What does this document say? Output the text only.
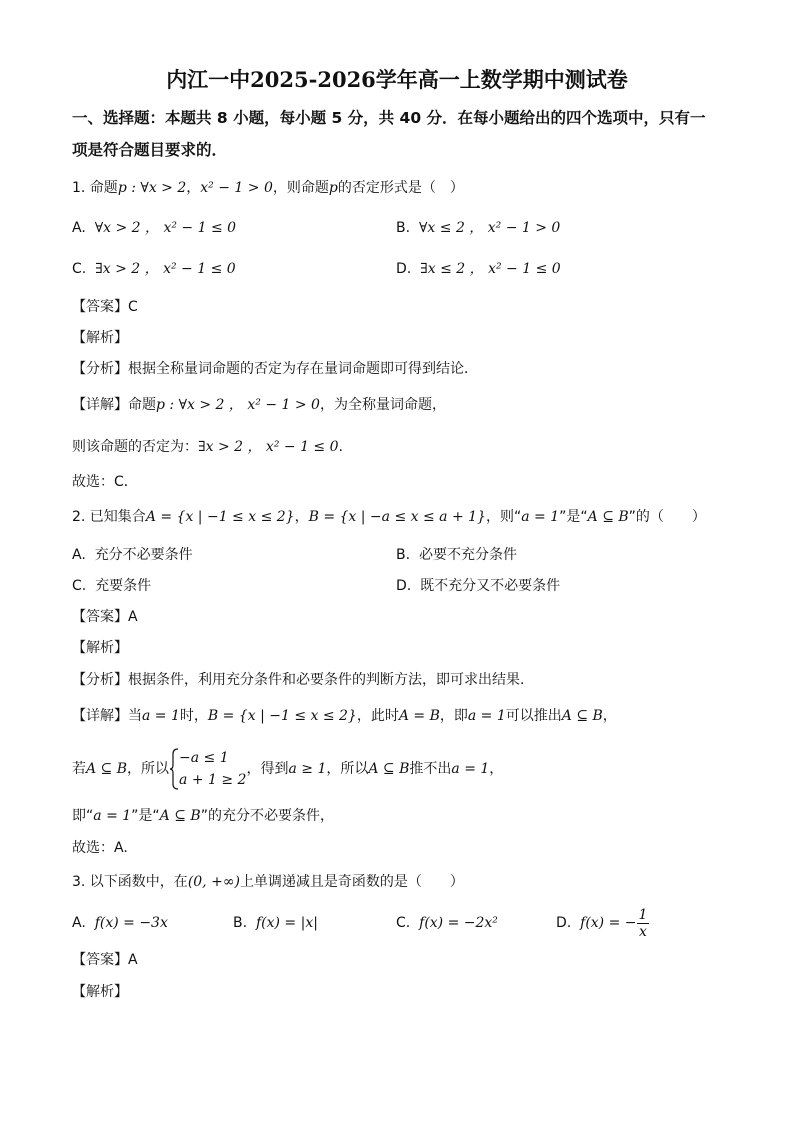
内江一中2025-2026学年高一上数学期中测试卷
一、选择题：本题共 8 小题，每小题 5 分，共 40 分．在每小题给出的四个选项中，只有一
项是符合题目要求的．
1. 命题p : ∀x > 2，x² − 1 > 0，则命题p的否定形式是（　）
A. ∀x > 2 ， x² − 1 ≤ 0	B. ∀x ≤ 2 ， x² − 1 > 0
C. ∃x > 2 ， x² − 1 ≤ 0	D. ∃x ≤ 2 ， x² − 1 ≤ 0
【答案】C
【解析】
【分析】根据全称量词命题的否定为存在量词命题即可得到结论．
【详解】命题p : ∀x > 2 ， x² − 1 > 0，为全称量词命题，
则该命题的否定为：∃x > 2 ， x² − 1 ≤ 0.
故选：C．
2. 已知集合A = {x | −1 ≤ x ≤ 2}，B = {x | −a ≤ x ≤ a + 1}，则“a = 1”是“A ⊆ B”的（　　）
A. 充分不必要条件	B. 必要不充分条件
C. 充要条件	D. 既不充分又不必要条件
【答案】A
【解析】
【分析】根据条件，利用充分条件和必要条件的判断方法，即可求出结果.
【详解】当a = 1时，B = {x | −1 ≤ x ≤ 2}，此时A = B，即a = 1可以推出A ⊆ B，
若A ⊆ B，所以
−a ≤ 1
a + 1 ≥ 2
，得到a ≥ 1，所以A ⊆ B推不出a = 1，
即“a = 1”是“A ⊆ B”的充分不必要条件，
故选：A.
3. 以下函数中，在(0, +∞)上单调递减且是奇函数的是（　　）
A. f(x) = −3x	B. f(x) = |x|	C. f(x) = −2x²	D. f(x) = − $\frac{1}{x}$
【答案】A
【解析】
